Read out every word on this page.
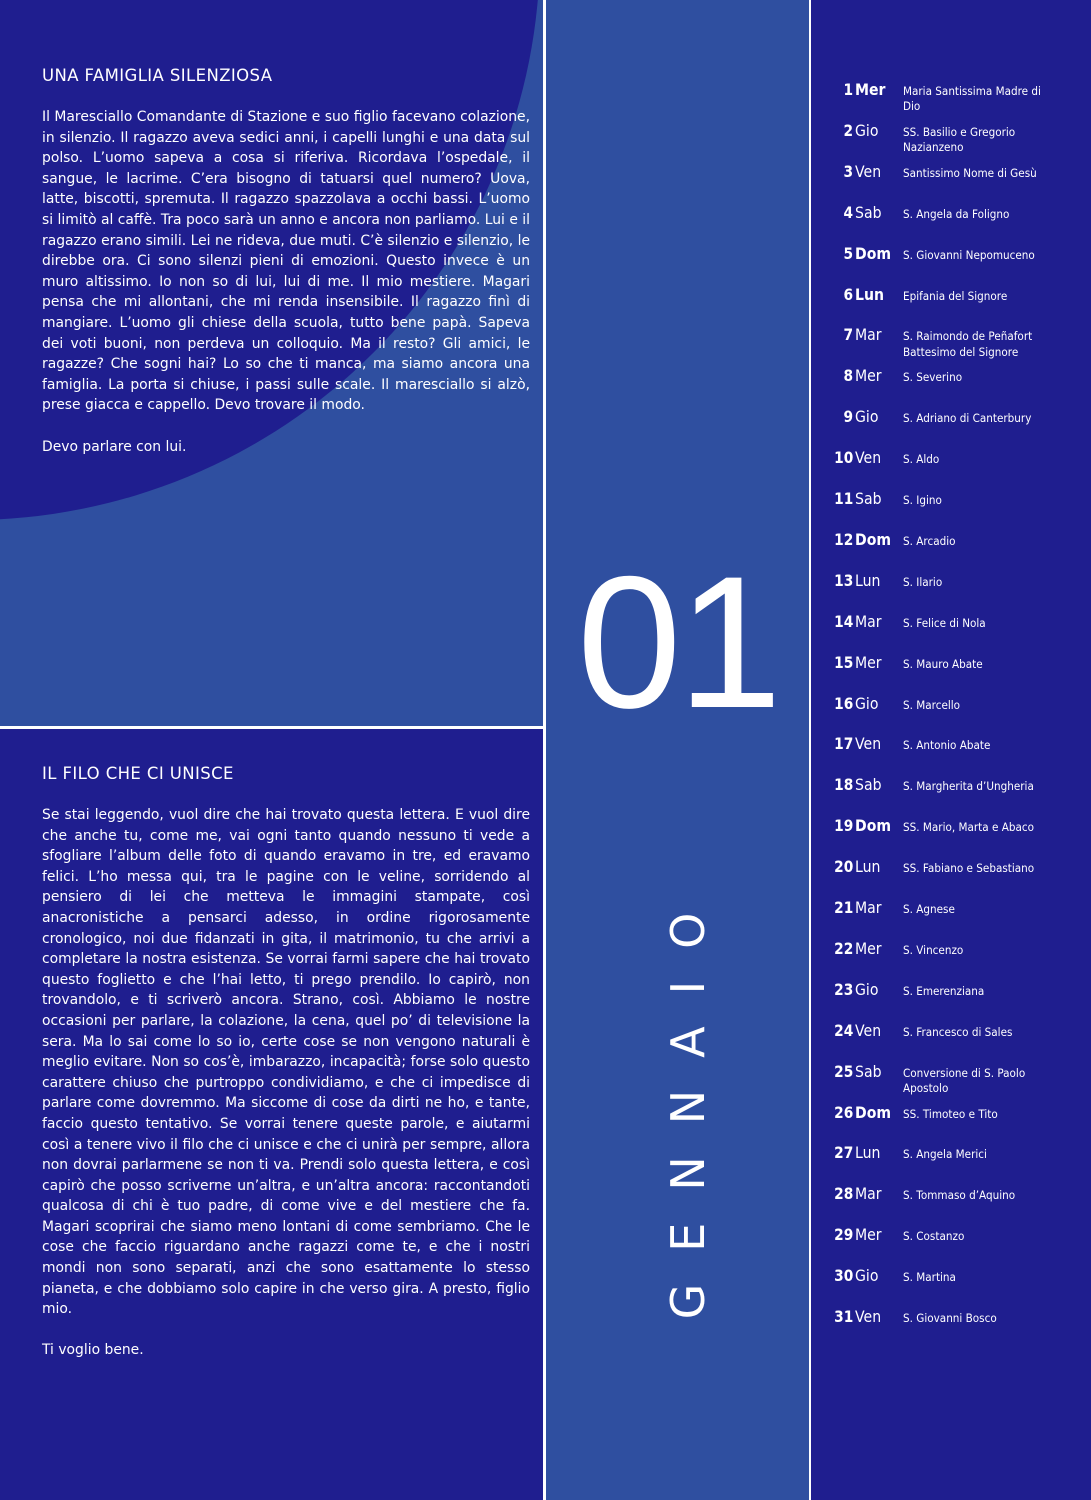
01
1 Mer Maria Santissima Madre di Dio
2 Gio SS. Basilio e Gregorio Nazianzeno
3 Ven Santissimo Nome di Gesù
4 Sab S. Angela da Foligno
5 Dom S. Giovanni Nepomuceno
6 Lun Epifania del Signore
7 Mar S. Raimondo de Peñafort Battesimo del Signore
8 Mer S. Severino
9 Gio S. Adriano di Canterbury
10 Ven S. Aldo
11 Sab S. Igino
12 Dom S. Arcadio
13 Lun S. Ilario
14 Mar S. Felice di Nola
15 Mer S. Mauro Abate
16 Gio S. Marcello
17 Ven S. Antonio Abate
18 Sab S. Margherita d’Ungheria
19 Dom SS. Mario, Marta e Abaco
20 Lun SS. Fabiano e Sebastiano
21 Mar S. Agnese
22 Mer S. Vincenzo
23 Gio S. Emerenziana
24 Ven S. Francesco di Sales
25 Sab Conversione di S. Paolo Apostolo
26 Dom SS. Timoteo e Tito
27 Lun S. Angela Merici
28 Mar S. Tommaso d’Aquino
29 Mer S. Costanzo
30 Gio S. Martina
31 Ven S. Giovanni Bosco
UNA FAMIGLIA SILENZIOSA

Il Maresciallo Comandante di Stazione e suo figlio facevano colazione, in silenzio. Il ragazzo aveva sedici anni, i capelli lunghi e una data sul polso. L’uomo sapeva a cosa si riferiva. Ricordava l’ospedale, il sangue, le lacrime. C’era bisogno di tatuarsi quel numero? Uova, latte, biscotti, spremuta. Il ragazzo spazzolava a occhi bassi. L’uomo si limitò al caffè. Tra poco sarà un anno e ancora non parliamo. Lui e il ragazzo erano simili. Lei ne rideva, due muti. C’è silenzio e silenzio, le direbbe ora. Ci sono silenzi pieni di emozioni. Questo invece è un muro altissimo. Io non so di lui, lui di me. Il mio mestiere. Magari pensa che mi allontani, che mi renda insensibile. Il ragazzo finì di mangiare. L’uomo gli chiese della scuola, tutto bene papà. Sapeva dei voti buoni, non perdeva un colloquio. Ma il resto? Gli amici, le ragazze? Che sogni hai? Lo so che ti manca, ma siamo ancora una famiglia. La porta si chiuse, i passi sulle scale. Il maresciallo si alzò, prese giacca e cappello. Devo trovare il modo.

Devo parlare con lui.

IL FILO CHE CI UNISCE

Se stai leggendo, vuol dire che hai trovato questa lettera. E vuol dire che anche tu, come me, vai ogni tanto quando nessuno ti vede a sfogliare l’album delle foto di quando eravamo in tre, ed eravamo felici. L’ho messa qui, tra le pagine con le veline, sorridendo al pensiero di lei che metteva le immagini stampate, così anacronistiche a pensarci adesso, in ordine rigorosamente cronologico, noi due fidanzati in gita, il matrimonio, tu che arrivi a completare la nostra esistenza. Se vorrai farmi sapere che hai trovato questo foglietto e che l’hai letto, ti prego prendilo. Io capirò, non trovandolo, e ti scriverò ancora. Strano, così. Abbiamo le nostre occasioni per parlare, la colazione, la cena, quel po’ di televisione la sera. Ma lo sai come lo so io, certe cose se non vengono naturali è meglio evitare. Non so cos’è, imbarazzo, incapacità; forse solo questo carattere chiuso che purtroppo condividiamo, e che ci impedisce di parlare come dovremmo. Ma siccome di cose da dirti ne ho, e tante, faccio questo tentativo. Se vorrai tenere queste parole, e aiutarmi così a tenere vivo il filo che ci unisce e che ci unirà per sempre, allora non dovrai parlarmene se non ti va. Prendi solo questa lettera, e così capirò che posso scriverne un’altra, e un’altra ancora: raccontandoti qualcosa di chi è tuo padre, di come vive e del mestiere che fa. Magari scoprirai che siamo meno lontani di come sembriamo. Che le cose che faccio riguardano anche ragazzi come te, e che i nostri mondi non sono separati, anzi che sono esattamente lo stesso pianeta, e che dobbiamo solo capire in che verso gira. A presto, figlio mio.

Ti voglio bene.

GENNAIO
